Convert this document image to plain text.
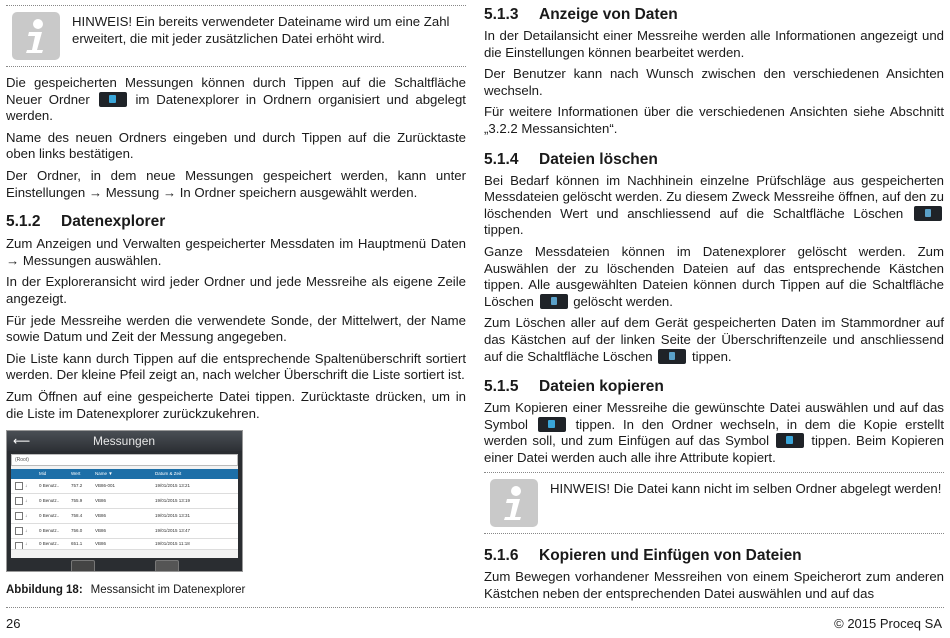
HINWEIS! Ein bereits verwendeter Dateiname wird um eine Zahl erweitert, die mit jeder zusätzlichen Datei erhöht wird.

Die gespeicherten Messungen können durch Tippen auf die Schaltfläche Neuer Ordner	im Datenexplorer in Ordnern organisiert und abgelegt werden.

Name des neuen Ordners eingeben und durch Tippen auf die Zurücktaste oben links bestätigen.

Der Ordner, in dem neue Messungen gespeichert werden, kann unter Einstellungen → Messung → In Ordner speichern ausgewählt werden.

5.1.2 Datenexplorer

Zum Anzeigen und Verwalten gespeicherter Messdaten im Hauptmenü Daten → Messungen auswählen.

In der Exploreransicht wird jeder Ordner und jede Messreihe als eigene Zeile angezeigt.

Für jede Messreihe werden die verwendete Sonde, der Mittelwert, der Name sowie Datum und Zeit der Messung angegeben.

Die Liste kann durch Tippen auf die entsprechende Spaltenüberschrift sortiert werden. Der kleine Pfeil zeigt an, nach welcher Überschrift die Liste sortiert ist.

Zum Öffnen auf eine gespeicherte Datei tippen. Zurücktaste drücken, um in die Liste im Datenexplorer zurückzukehren.

⟵	Messungen
(Root)
Mid	Wert	Name ▼	Datum & Zeit
↓	0 Benutz..	757.2	VB86-001	19/01/2015 13:21
↓	0 Benutz..	755.9	VB86	19/01/2015 13:19
↓	0 Benutz..	758.4	VB86	19/01/2015 13:31
↓	0 Benutz..	756.0	VB86	19/01/2015 13:47
↓	0 Benutz..	651.1	VB86	19/01/2015 11:18
Abbildung 18: Messansicht im Datenexplorer
5.1.3 Anzeige von Daten

In der Detailansicht einer Messreihe werden alle Informationen angezeigt und die Einstellungen können bearbeitet werden.

Der Benutzer kann nach Wunsch zwischen den verschiedenen Ansichten wechseln.

Für weitere Informationen über die verschiedenen Ansichten siehe Abschnitt „3.2.2 Messansichten“.

5.1.4 Dateien löschen

Bei Bedarf können im Nachhinein einzelne Prüfschläge aus gespeicherten Messdateien gelöscht werden. Zu diesem Zweck Messreihe öffnen, auf den zu löschenden Wert und anschliessend auf die Schaltfläche Löschen  tippen.

Ganze Messdateien können im Datenexplorer gelöscht werden. Zum Auswählen der zu löschenden Dateien auf das entsprechende Kästchen tippen. Alle ausgewählten Dateien können durch Tippen auf die Schaltfläche Löschen	gelöscht werden.

Zum Löschen aller auf dem Gerät gespeicherten Daten im Stammordner auf das Kästchen auf der linken Seite der Überschriftenzeile und anschliessend auf die Schaltfläche Löschen	tippen.

5.1.5 Dateien kopieren

Zum Kopieren einer Messreihe die gewünschte Datei auswählen und auf das Symbol	tippen. In den Ordner wechseln, in dem die Kopie erstellt werden soll, und zum Einfügen auf das Symbol	tippen. Beim Kopieren einer Datei werden auch alle ihre Attribute kopiert.

HINWEIS! Die Datei kann nicht im selben Ordner abgelegt werden!

5.1.6 Kopieren und Einfügen von Dateien

Zum Bewegen vorhandener Messreihen von einem Speicherort zum anderen Kästchen neben der entsprechenden Datei auswählen und auf das

26	© 2015 Proceq SA
